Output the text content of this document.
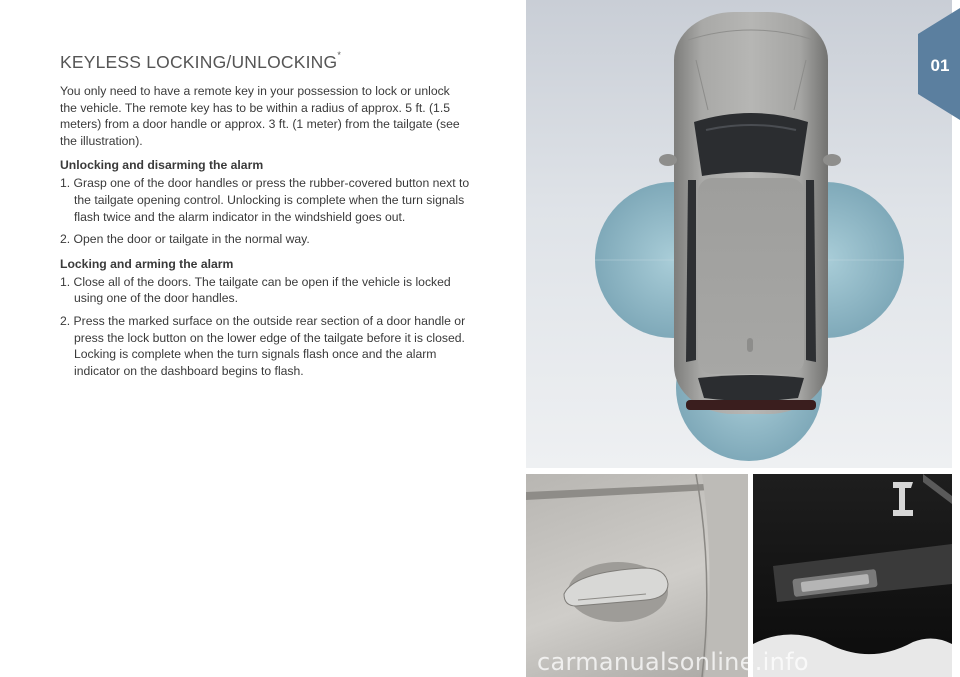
KEYLESS LOCKING/UNLOCKING*

You only need to have a remote key in your possession to lock or unlock the vehicle. The remote key has to be within a radius of approx. 5 ft. (1.5 meters) from a door handle or approx. 3 ft. (1 meter) from the tailgate (see the illustration).

Unlocking and disarming the alarm
1. Grasp one of the door handles or press the rubber-covered button next to the tailgate opening control. Unlocking is complete when the turn signals flash twice and the alarm indicator in the windshield goes out.
2. Open the door or tailgate in the normal way.
Locking and arming the alarm
1. Close all of the doors. The tailgate can be open if the vehicle is locked using one of the door handles.
2. Press the marked surface on the outside rear section of a door handle or press the lock button on the lower edge of the tailgate before it is closed. Locking is complete when the turn signals flash once and the alarm indicator on the dashboard begins to flash.
01
carmanualsonline.info
